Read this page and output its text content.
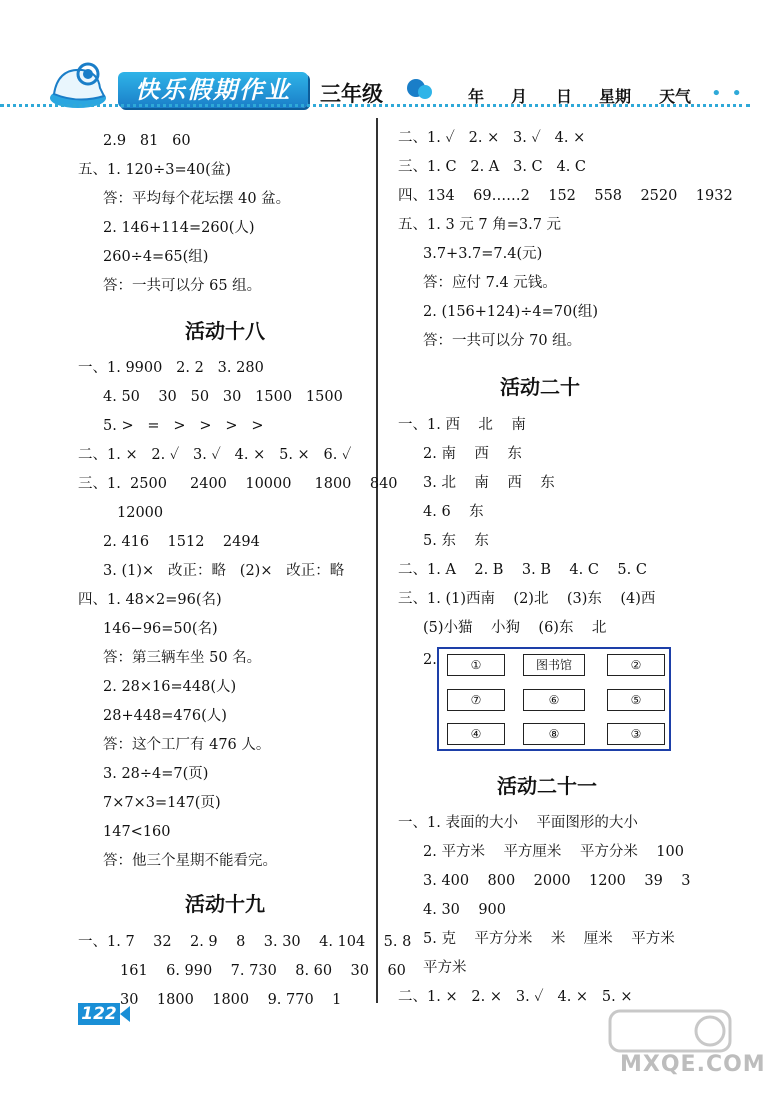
快乐假期作业	三年级	年 月 日 星期 天气 • •
2.9   81   60
五、1. 120÷3=40(盆)
答：平均每个花坛摆 40 盆。
2. 146+114=260(人)
260÷4=65(组)
答：一共可以分 65 组。
活动十八
一、1. 9900   2. 2   3. 280
4. 50    30   50   30   1500   1500
5. >   =   >   >   >   >
二、1. ×   2. ✓   3. ✓   4. ×   5. ×   6. ✓
三、1.  2500     2400    10000     1800    840
12000
2. 416    1512    2494
3. (1)×   改正：略   (2)×   改正：略
四、1. 48×2=96(名)
146−96=50(名)
答：第三辆车坐 50 名。
2. 28×16=448(人)
28+448=476(人)
答：这个工厂有 476 人。
3. 28÷4=7(页)
7×7×3=147(页)
147<160
答：他三个星期不能看完。
活动十九
一、1. 7    32    2. 9    8    3. 30    4. 104    5. 8
161    6. 990    7. 730    8. 60    30    60
30    1800    1800    9. 770    1
二、1. ✓   2. ×   3. ✓   4. ×
三、1. C   2. A   3. C   4. C
四、134    69……2    152    558    2520    1932
五、1. 3 元 7 角=3.7 元
3.7+3.7=7.4(元)
答：应付 7.4 元钱。
2. (156+124)÷4=70(组)
答：一共可以分 70 组。
活动二十
一、1. 西    北    南
2. 南    西    东
3. 北    南    西    东
4. 6    东
5. 东    东
二、1. A    2. B    3. B    4. C    5. C
三、1. (1)西南    (2)北    (3)东    (4)西
(5)小猫    小狗    (6)东    北
2.	①	图书馆	②
⑦	⑥	⑤
④	⑧	③
活动二十一
一、1. 表面的大小    平面图形的大小
2. 平方米    平方厘米    平方分米    100
3. 400    800    2000    1200    39    3
4. 30    900
5. 克    平方分米    米    厘米    平方米
平方米
二、1. ×   2. ×   3. ✓   4. ×   5. ×
122
MXQE.COM
